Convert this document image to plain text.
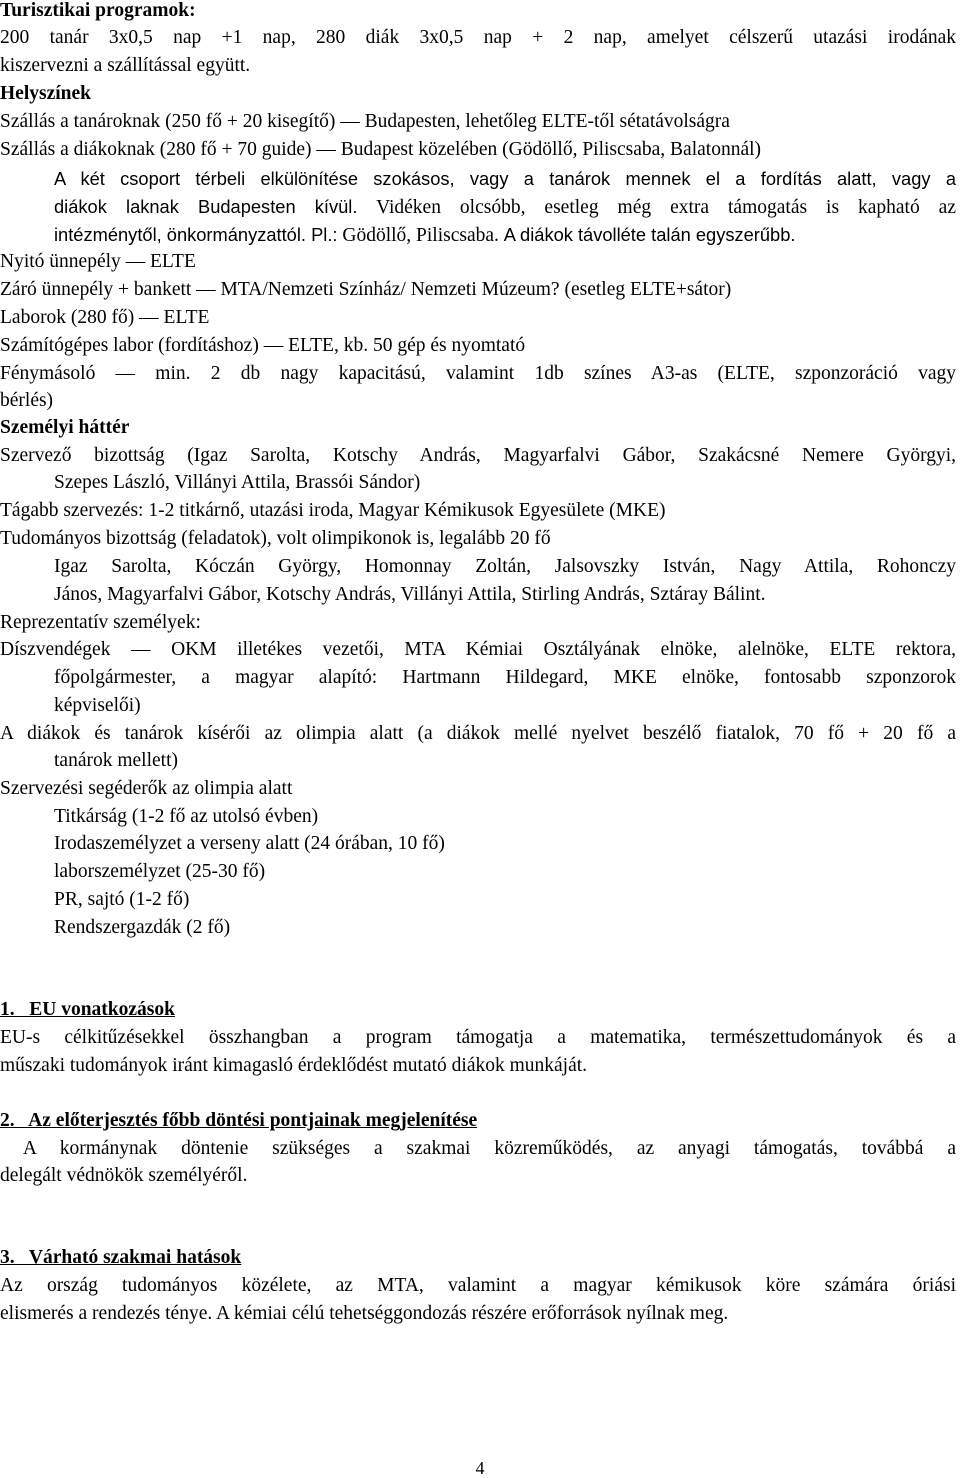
Turisztikai programok:

200 tanár 3x0,5 nap +1 nap, 280 diák 3x0,5 nap + 2 nap, amelyet célszerű utazási irodának

kiszervezni a szállítással együtt.

Helyszínek

Szállás a tanároknak (250 fő + 20 kisegítő) — Budapesten, lehetőleg ELTE-től sétatávolságra

Szállás a diákoknak (280 fő + 70 guide) — Budapest közelében (Gödöllő, Piliscsaba, Balatonnál)

A két csoport térbeli elkülönítése szokásos, vagy a tanárok mennek el a fordítás alatt, vagy a

diákok laknak Budapesten kívül. Vidéken olcsóbb, esetleg még extra támogatás is kapható az

intézménytől, önkormányzattól. Pl.: Gödöllő, Piliscsaba. A diákok távolléte talán egyszerűbb.

Nyitó ünnepély — ELTE

Záró ünnepély + bankett — MTA/Nemzeti Színház/ Nemzeti Múzeum? (esetleg ELTE+sátor)

Laborok (280 fő) — ELTE

Számítógépes labor (fordításhoz) — ELTE, kb. 50 gép és nyomtató

Fénymásoló — min. 2 db nagy kapacitású, valamint 1db színes A3-as (ELTE, szponzoráció vagy

bérlés)

Személyi háttér

Szervező bizottság (Igaz Sarolta, Kotschy András, Magyarfalvi Gábor, Szakácsné Nemere Györgyi,

Szepes László, Villányi Attila, Brassói Sándor)

Tágabb szervezés: 1-2 titkárnő, utazási iroda, Magyar Kémikusok Egyesülete (MKE)

Tudományos bizottság (feladatok), volt olimpikonok is, legalább 20 fő

Igaz Sarolta, Kóczán György, Homonnay Zoltán, Jalsovszky István, Nagy Attila, Rohonczy

János, Magyarfalvi Gábor, Kotschy András, Villányi Attila, Stirling András, Sztáray Bálint.

Reprezentatív személyek:

Díszvendégek — OKM illetékes vezetői, MTA Kémiai Osztályának elnöke, alelnöke, ELTE rektora,

főpolgármester, a magyar alapító: Hartmann Hildegard, MKE elnöke, fontosabb szponzorok

képviselői)

A diákok és tanárok kísérői az olimpia alatt (a diákok mellé nyelvet beszélő fiatalok, 70 fő + 20 fő a

tanárok mellett)

Szervezési segéderők az olimpia alatt

Titkárság (1-2 fő az utolsó évben)

Irodaszemélyzet a verseny alatt (24 órában, 10 fő)

laborszemélyzet (25-30 fő)

PR, sajtó (1-2 fő)

Rendszergazdák (2 fő)

1.   EU vonatkozások

EU-s célkitűzésekkel összhangban a program támogatja a matematika, természettudományok és a

műszaki tudományok iránt kimagasló érdeklődést mutató diákok munkáját.

2.   Az előterjesztés főbb döntési pontjainak megjelenítése

A kormánynak döntenie szükséges a szakmai közreműködés, az anyagi támogatás, továbbá a

delegált védnökök személyéről.

3.   Várható szakmai hatások

Az ország tudományos közélete, az MTA, valamint a magyar kémikusok köre számára óriási

elismerés a rendezés ténye. A kémiai célú tehetséggondozás részére erőforrások nyílnak meg.

4
